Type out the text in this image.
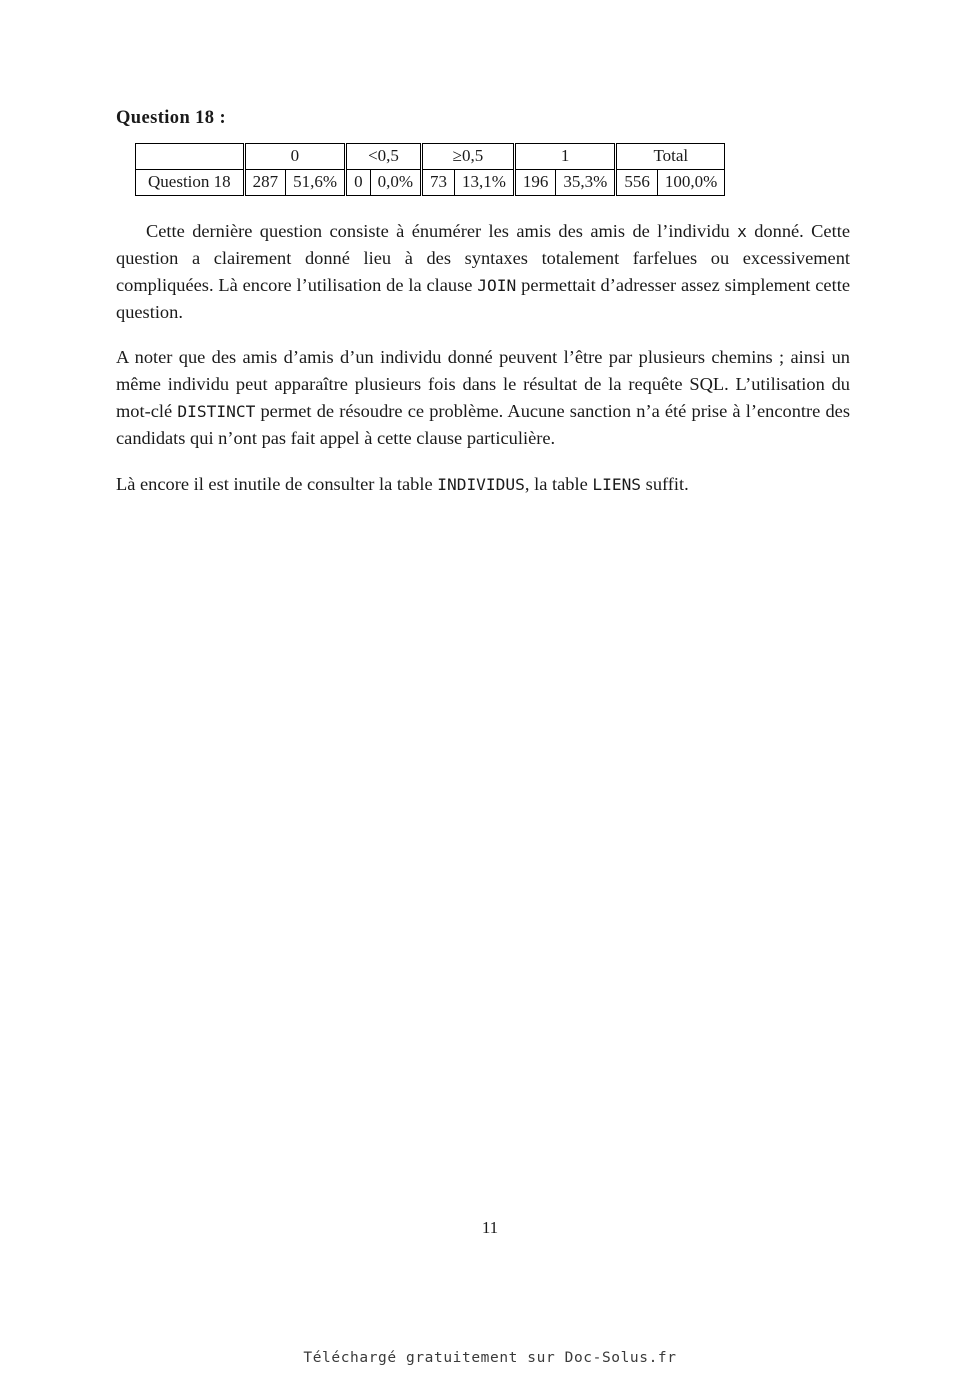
Question 18 :
	0		<0,5		≥0,5		1		Total	
Question 18	287	51,6%	0	0,0%	73	13,1%	196	35,3%	556	100,0%

Cette dernière question consiste à énumérer les amis des amis de l’individu x donné. Cette question a clairement donné lieu à des syntaxes totalement farfelues ou excessivement compliquées. Là encore l’utilisation de la clause JOIN permettait d’adresser assez simplement cette question.

A noter que des amis d’amis d’un individu donné peuvent l’être par plusieurs chemins ; ainsi un même individu peut apparaître plusieurs fois dans le résultat de la requête SQL. L’utilisation du mot-clé DISTINCT permet de résoudre ce problème. Aucune sanction n’a été prise à l’encontre des candidats qui n’ont pas fait appel à cette clause particulière.

Là encore il est inutile de consulter la table INDIVIDUS, la table LIENS suffit.

11
Téléchargé gratuitement sur Doc-Solus.fr
